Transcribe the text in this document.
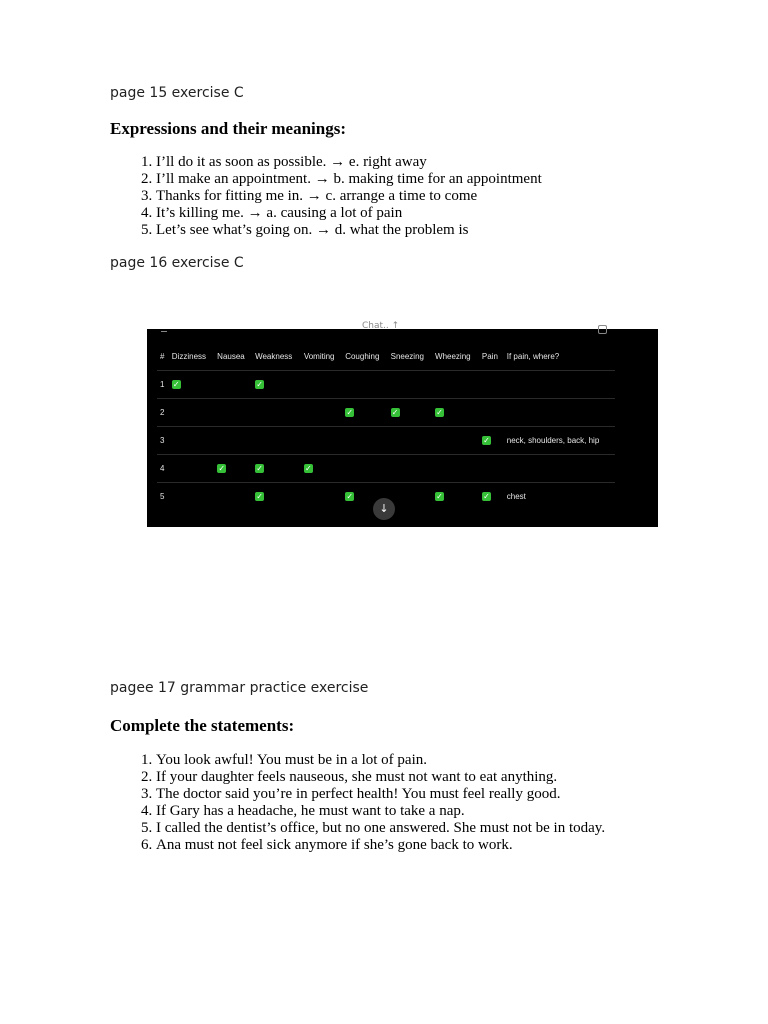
page 15 exercise C
Expressions and their meanings:
1. I’ll do it as soon as possible. → e. right away
2. I’ll make an appointment. → b. making time for an appointment
3. Thanks for fitting me in. → c. arrange a time to come
4. It’s killing me. → a. causing a lot of pain
5. Let’s see what’s going on. → d. what the problem is
page 16 exercise C
Chat.. ↑
#	Dizziness	Nausea	Weakness	Vomiting	Coughing	Sneezing	Wheezing	Pain	If pain, where?
1	✓		✓						
2					✓	✓	✓		
3								✓	neck, shoulders, back, hip
4		✓	✓	✓					
5			✓		✓		✓	✓	chest
↓
pagee 17 grammar practice exercise
Complete the statements:
1. You look awful! You must be in a lot of pain.
2. If your daughter feels nauseous, she must not want to eat anything.
3. The doctor said you’re in perfect health! You must feel really good.
4. If Gary has a headache, he must want to take a nap.
5. I called the dentist’s office, but no one answered. She must not be in today.
6. Ana must not feel sick anymore if she’s gone back to work.
